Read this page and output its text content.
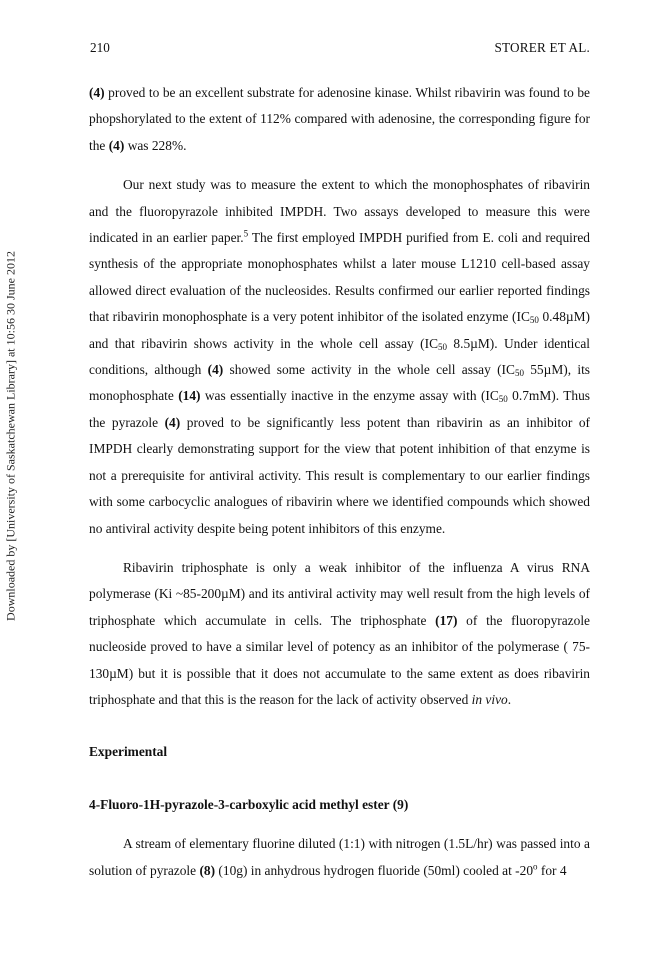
210	STORER ET AL.
Downloaded by [University of Saskatchewan Library] at 10:56 30 June 2012

(4) proved to be an excellent substrate for adenosine kinase. Whilst ribavirin was found to be phopshorylated to the extent of 112% compared with adenosine, the corresponding figure for the (4) was 228%.

Our next study was to measure the extent to which the monophosphates of ribavirin and the fluoropyrazole inhibited IMPDH. Two assays developed to measure this were indicated in an earlier paper.$^5$ The first employed IMPDH purified from E. coli and required synthesis of the appropriate monophosphates whilst a later mouse L1210 cell-based assay allowed direct evaluation of the nucleosides. Results confirmed our earlier reported findings that ribavirin monophosphate is a very potent inhibitor of the isolated enzyme ($IC_{50}$ 0.48µM) and that ribavirin shows activity in the whole cell assay ($IC_{50}$ 8.5µM). Under identical conditions, although (4) showed some activity in the whole cell assay ($IC_{50}$ 55µM), its monophosphate (14) was essentially inactive in the enzyme assay with ($IC_{50}$ 0.7mM). Thus the pyrazole (4) proved to be significantly less potent than ribavirin as an inhibitor of IMPDH clearly demonstrating support for the view that potent inhibition of that enzyme is not a prerequisite for antiviral activity. This result is complementary to our earlier findings with some carbocyclic analogues of ribavirin where we identified compounds which showed no antiviral activity despite being potent inhibitors of this enzyme.

Ribavirin triphosphate is only a weak inhibitor of the influenza A virus RNA polymerase (Ki ~85-200µM) and its antiviral activity may well result from the high levels of triphosphate which accumulate in cells. The triphosphate (17) of the fluoropyrazole nucleoside proved to have a similar level of potency as an inhibitor of the polymerase ( 75-130µM) but it is possible that it does not accumulate to the same extent as does ribavirin triphosphate and that this is the reason for the lack of activity observed in vivo.

Experimental

4-Fluoro-1H-pyrazole-3-carboxylic acid methyl ester (9)

A stream of elementary fluorine diluted (1:1) with nitrogen (1.5L/hr) was passed into a solution of pyrazole (8) (10g) in anhydrous hydrogen fluoride (50ml) cooled at -20$^o$ for 4
